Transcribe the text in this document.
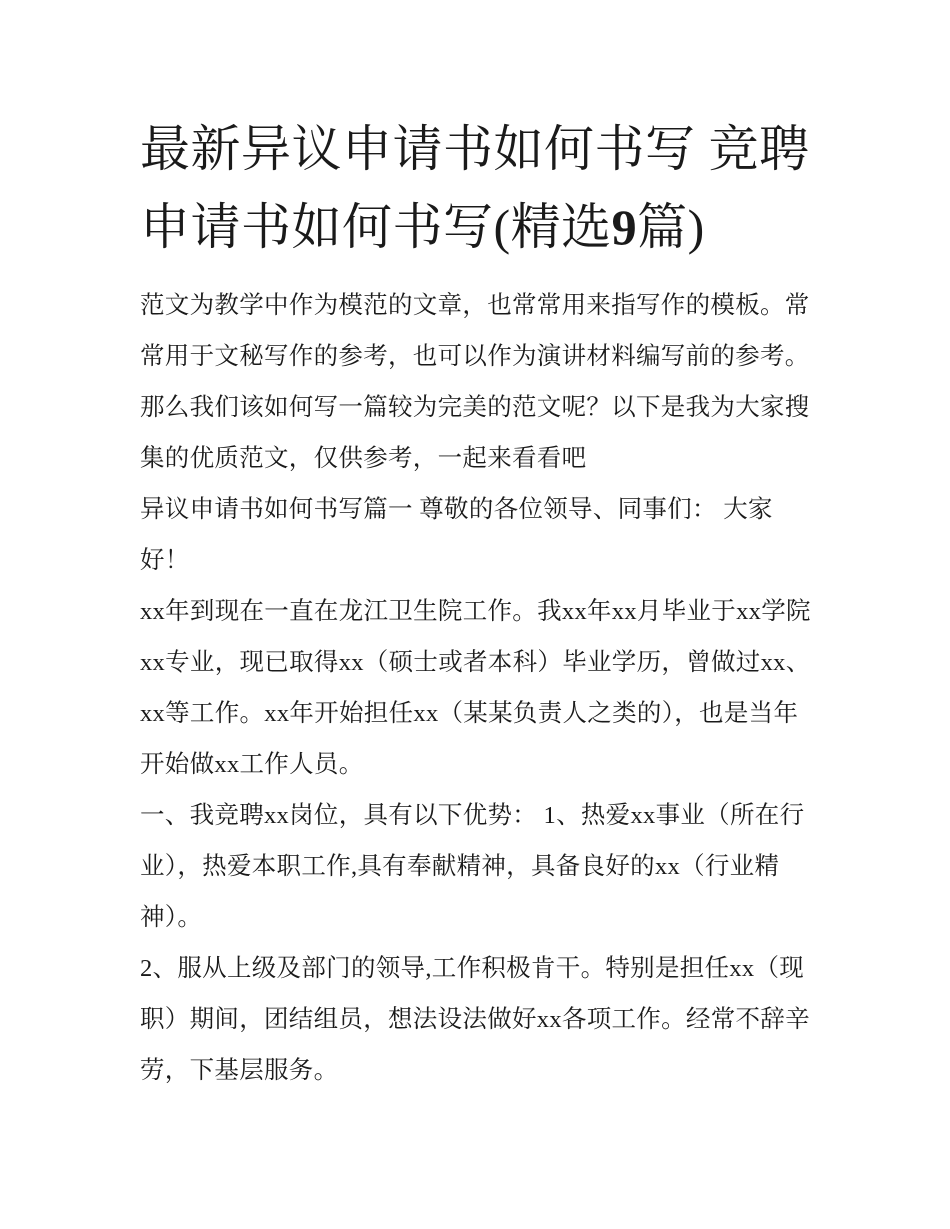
最新异议申请书如何书写 竞聘申请书如何书写(精选9篇)

范文为教学中作为模范的文章，也常常用来指写作的模板。常常用于文秘写作的参考，也可以作为演讲材料编写前的参考。那么我们该如何写一篇较为完美的范文呢？以下是我为大家搜集的优质范文，仅供参考，一起来看看吧

异议申请书如何书写篇一 尊敬的各位领导、同事们： 大家好！

xx年到现在一直在龙江卫生院工作。我xx年xx月毕业于xx学院xx专业，现已取得xx（硕士或者本科）毕业学历，曾做过xx、xx等工作。xx年开始担任xx（某某负责人之类的），也是当年开始做xx工作人员。

一、我竞聘xx岗位，具有以下优势： 1、热爱xx事业（所在行业），热爱本职工作,具有奉献精神，具备良好的xx（行业精神）。

2、服从上级及部门的领导,工作积极肯干。特别是担任xx（现职）期间，团结组员，想法设法做好xx各项工作。经常不辞辛劳，下基层服务。
